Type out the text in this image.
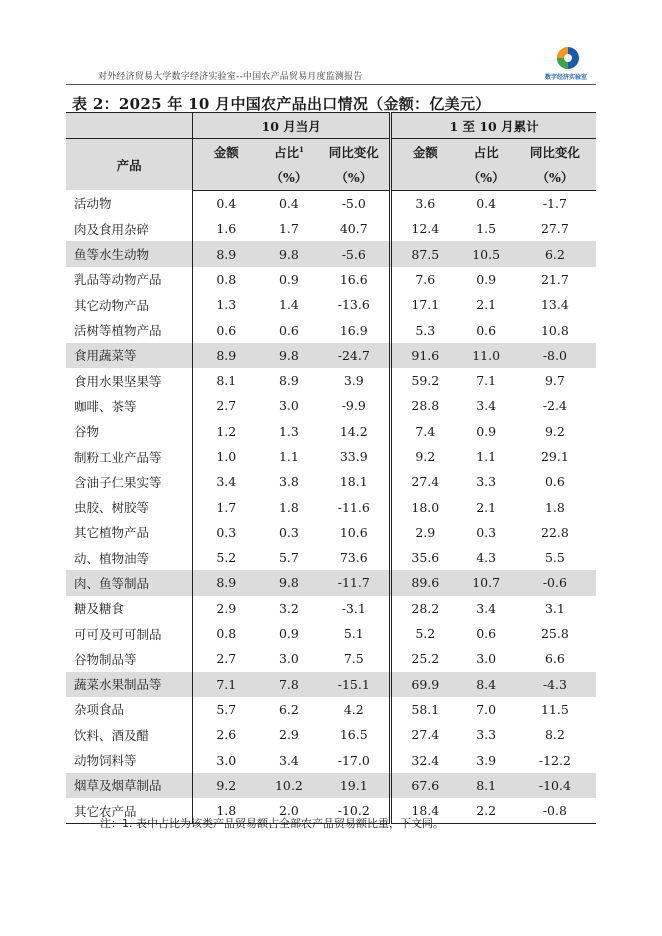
对外经济贸易大学数字经济实验室--中国农产品贸易月度监测报告	数字经济实验室
表 2：2025 年 10 月中国农产品出口情况（金额：亿美元）
	10 月当月			1 至 10 月累计		
产品	金额	占比$^1$	同比变化	金额	占比	同比变化
		（%）	（%）		（%）	（%）
活动物	0.4	0.4	-5.0	3.6	0.4	-1.7
肉及食用杂碎	1.6	1.7	40.7	12.4	1.5	27.7
鱼等水生动物	8.9	9.8	-5.6	87.5	10.5	6.2
乳品等动物产品	0.8	0.9	16.6	7.6	0.9	21.7
其它动物产品	1.3	1.4	-13.6	17.1	2.1	13.4
活树等植物产品	0.6	0.6	16.9	5.3	0.6	10.8
食用蔬菜等	8.9	9.8	-24.7	91.6	11.0	-8.0
食用水果坚果等	8.1	8.9	3.9	59.2	7.1	9.7
咖啡、茶等	2.7	3.0	-9.9	28.8	3.4	-2.4
谷物	1.2	1.3	14.2	7.4	0.9	9.2
制粉工业产品等	1.0	1.1	33.9	9.2	1.1	29.1
含油子仁果实等	3.4	3.8	18.1	27.4	3.3	0.6
虫胶、树胶等	1.7	1.8	-11.6	18.0	2.1	1.8
其它植物产品	0.3	0.3	10.6	2.9	0.3	22.8
动、植物油等	5.2	5.7	73.6	35.6	4.3	5.5
肉、鱼等制品	8.9	9.8	-11.7	89.6	10.7	-0.6
糖及糖食	2.9	3.2	-3.1	28.2	3.4	3.1
可可及可可制品	0.8	0.9	5.1	5.2	0.6	25.8
谷物制品等	2.7	3.0	7.5	25.2	3.0	6.6
蔬菜水果制品等	7.1	7.8	-15.1	69.9	8.4	-4.3
杂项食品	5.7	6.2	4.2	58.1	7.0	11.5
饮料、酒及醋	2.6	2.9	16.5	27.4	3.3	8.2
动物饲料等	3.0	3.4	-17.0	32.4	3.9	-12.2
烟草及烟草制品	9.2	10.2	19.1	67.6	8.1	-10.4
其它农产品	1.8	2.0	-10.2	18.4	2.2	-0.8
注：1. 表中占比为该类产品贸易额占全部农产品贸易额比重，下文同。
